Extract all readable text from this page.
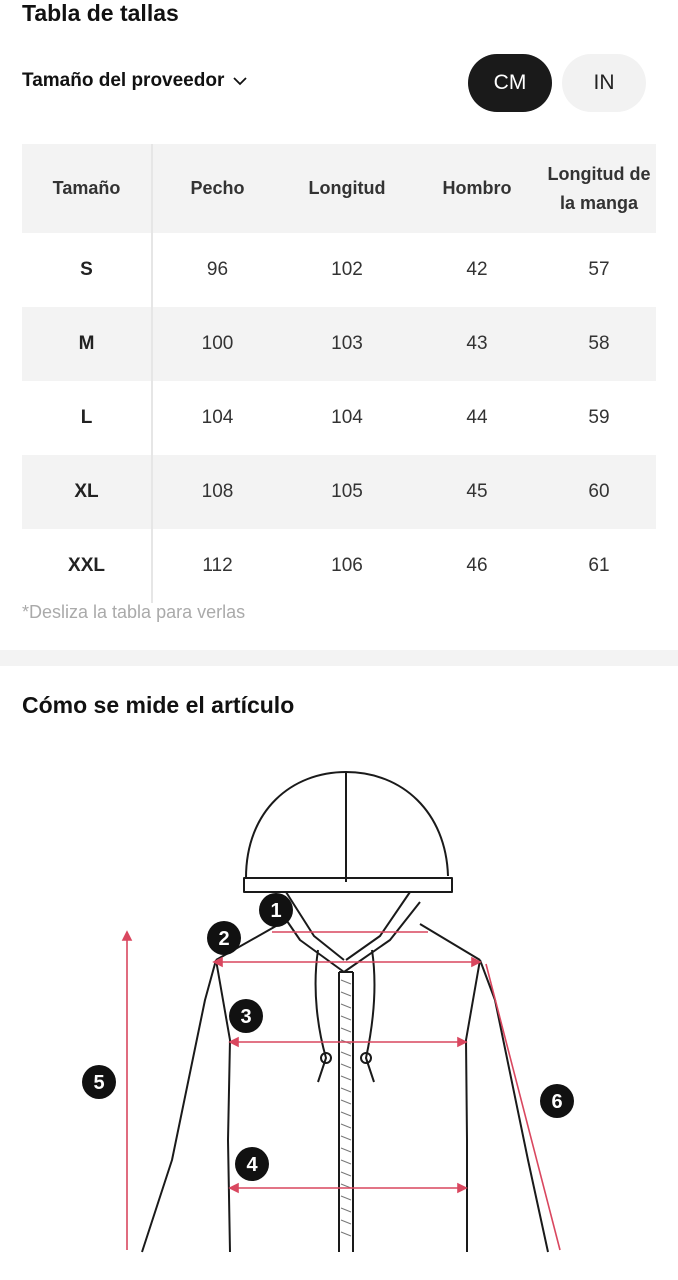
Tabla de tallas
Tamaño del proveedor	CM	IN
Tamaño	Pecho	Longitud	Hombro	Longitud de la manga
S	96	102	42	57
M	100	103	43	58
L	104	104	44	59
XL	108	105	45	60
XXL	112	106	46	61
*Desliza la tabla para verlas
Cómo se mide el artículo
1
2
3
4
5
6
